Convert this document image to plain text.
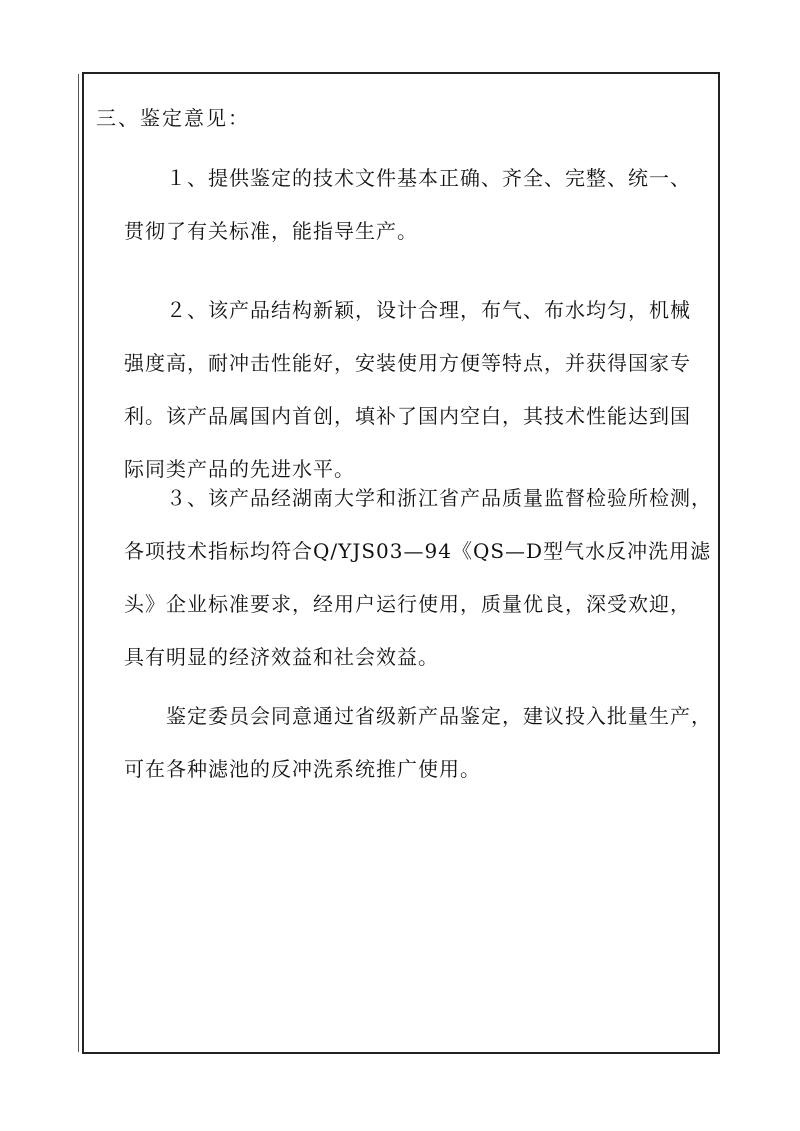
三、鉴定意见：
１、提供鉴定的技术文件基本正确、齐全、完整、统一、
贯彻了有关标准，能指导生产。
２、该产品结构新颖，设计合理，布气、布水均匀，机械
强度高，耐冲击性能好，安装使用方便等特点，并获得国家专
利。该产品属国内首创，填补了国内空白，其技术性能达到国
际同类产品的先进水平。
３、该产品经湖南大学和浙江省产品质量监督检验所检测，
各项技术指标均符合Q/YJS03—94《QS—D型气水反冲洗用滤
头》企业标准要求，经用户运行使用，质量优良，深受欢迎，
具有明显的经济效益和社会效益。
鉴定委员会同意通过省级新产品鉴定，建议投入批量生产，
可在各种滤池的反冲洗系统推广使用。
